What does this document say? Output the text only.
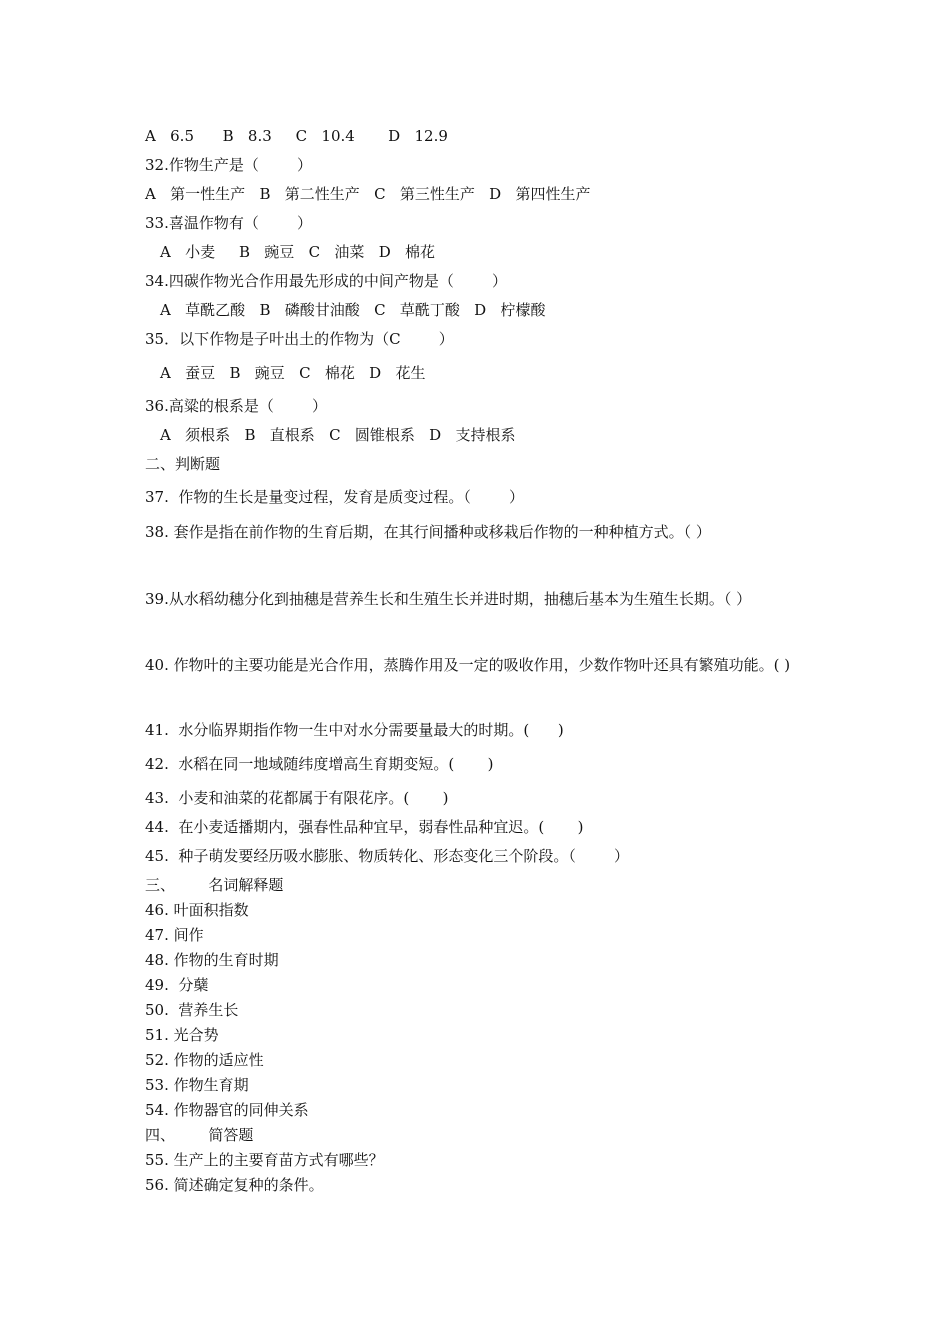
A   6.5      B   8.3     C   10.4       D   12.9
32.作物生产是（        ）
A   第一性生产   B   第二性生产   C   第三性生产   D   第四性生产
33.喜温作物有（        ）
A   小麦     B   豌豆   C   油菜   D   棉花
34.四碳作物光合作用最先形成的中间产物是（        ）
A   草酰乙酸   B   磷酸甘油酸   C   草酰丁酸   D   柠檬酸
35．以下作物是子叶出土的作物为（C        ）
A   蚕豆   B   豌豆   C   棉花   D   花生
36.高粱的根系是（        ）
A   须根系   B   直根系   C   圆锥根系   D   支持根系
二、判断题
37.  作物的生长是量变过程，发育是质变过程。（        ）
38. 套作是指在前作物的生育后期，在其行间播种或移栽后作物的一种种植方式。（ ）
39.从水稻幼穗分化到抽穗是营养生长和生殖生长并进时期，抽穗后基本为生殖生长期。（ ）
40. 作物叶的主要功能是光合作用，蒸腾作用及一定的吸收作用，少数作物叶还具有繁殖功能。( )
41.  水分临界期指作物一生中对水分需要量最大的时期。(      )
42.  水稻在同一地域随纬度增高生育期变短。(       )
43.  小麦和油菜的花都属于有限花序。(       )
44.  在小麦适播期内，强春性品种宜早，弱春性品种宜迟。(       )
45.  种子萌发要经历吸水膨胀、物质转化、形态变化三个阶段。（        ）
三、       名词解释题
46. 叶面积指数
47. 间作
48. 作物的生育时期
49.  分蘖
50.  营养生长
51. 光合势
52. 作物的适应性
53. 作物生育期
54. 作物器官的同伸关系
四、       简答题
55. 生产上的主要育苗方式有哪些？
56. 简述确定复种的条件。
